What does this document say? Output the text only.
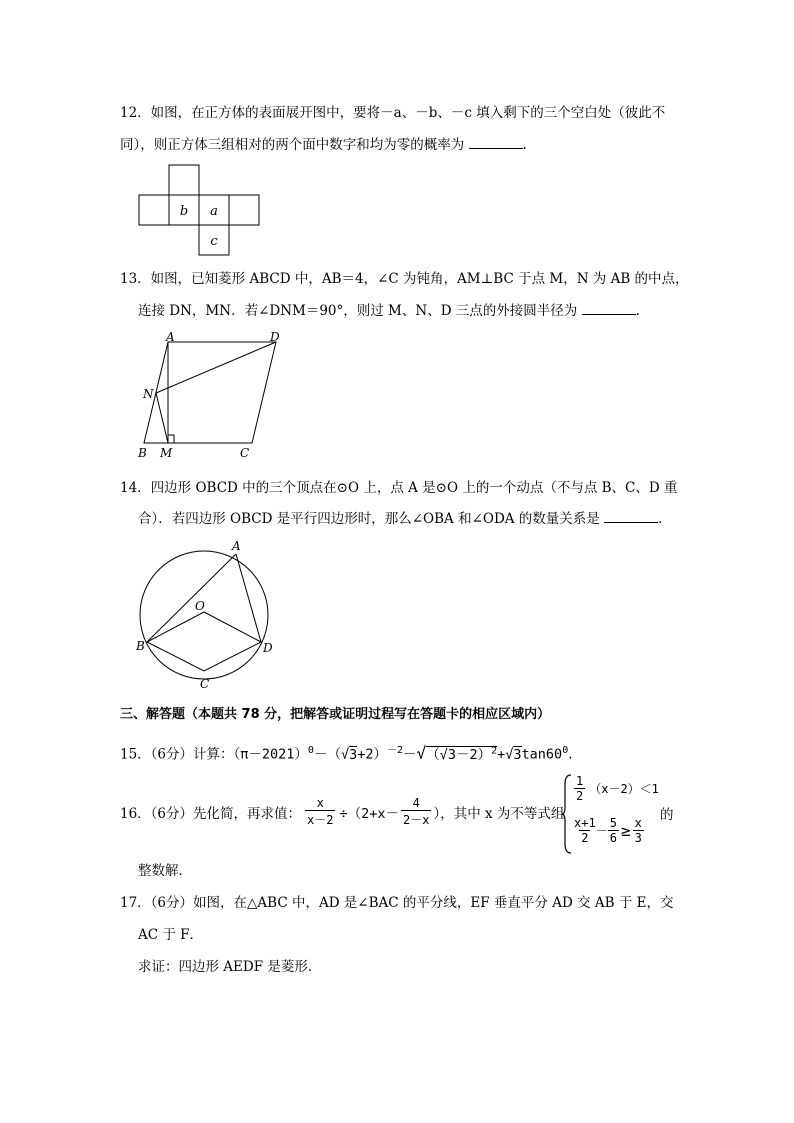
12．如图，在正方体的表面展开图中，要将－a、－b、－c 填入剩下的三个空白处（彼此不
同），则正方体三组相对的两个面中数字和均为零的概率为	.
b a
c
13．如图，已知菱形 ABCD 中，AB＝4，∠C 为钝角，AM⊥BC 于点 M，N 为 AB 的中点，
连接 DN，MN．若∠DNM＝90°，则过 M、N、D 三点的外接圆半径为	.
A	D
N
B M	C
14．四边形 OBCD 中的三个顶点在⊙O 上，点 A 是⊙O 上的一个动点（不与点 B、C、D 重
合）．若四边形 OBCD 是平行四边形时，那么∠OBA 和∠ODA 的数量关系是	.
A
O
B	D
C
三、解答题（本题共 78 分，把解答或证明过程写在答题卡的相应区域内）
15．（6分）计算：$(\pi-2021)^0-(√3+2)^{-2}-√(√3-2)^2+√3\tan 60^0$.
16．（6分）先化简，再求值： $\frac{x}{x-2} \div(2+x-$
4
2－x ），其中 x 为不等式组
1
2 （x－2）＜1
x+1
$2 - \frac{5}{6} \ge \frac{x}{3}$
的
整数解．
17．（6分）如图，在△ABC 中，AD 是∠BAC 的平分线，EF 垂直平分 AD 交 AB 于 E，交
AC 于 F．
求证：四边形 AEDF 是菱形．
